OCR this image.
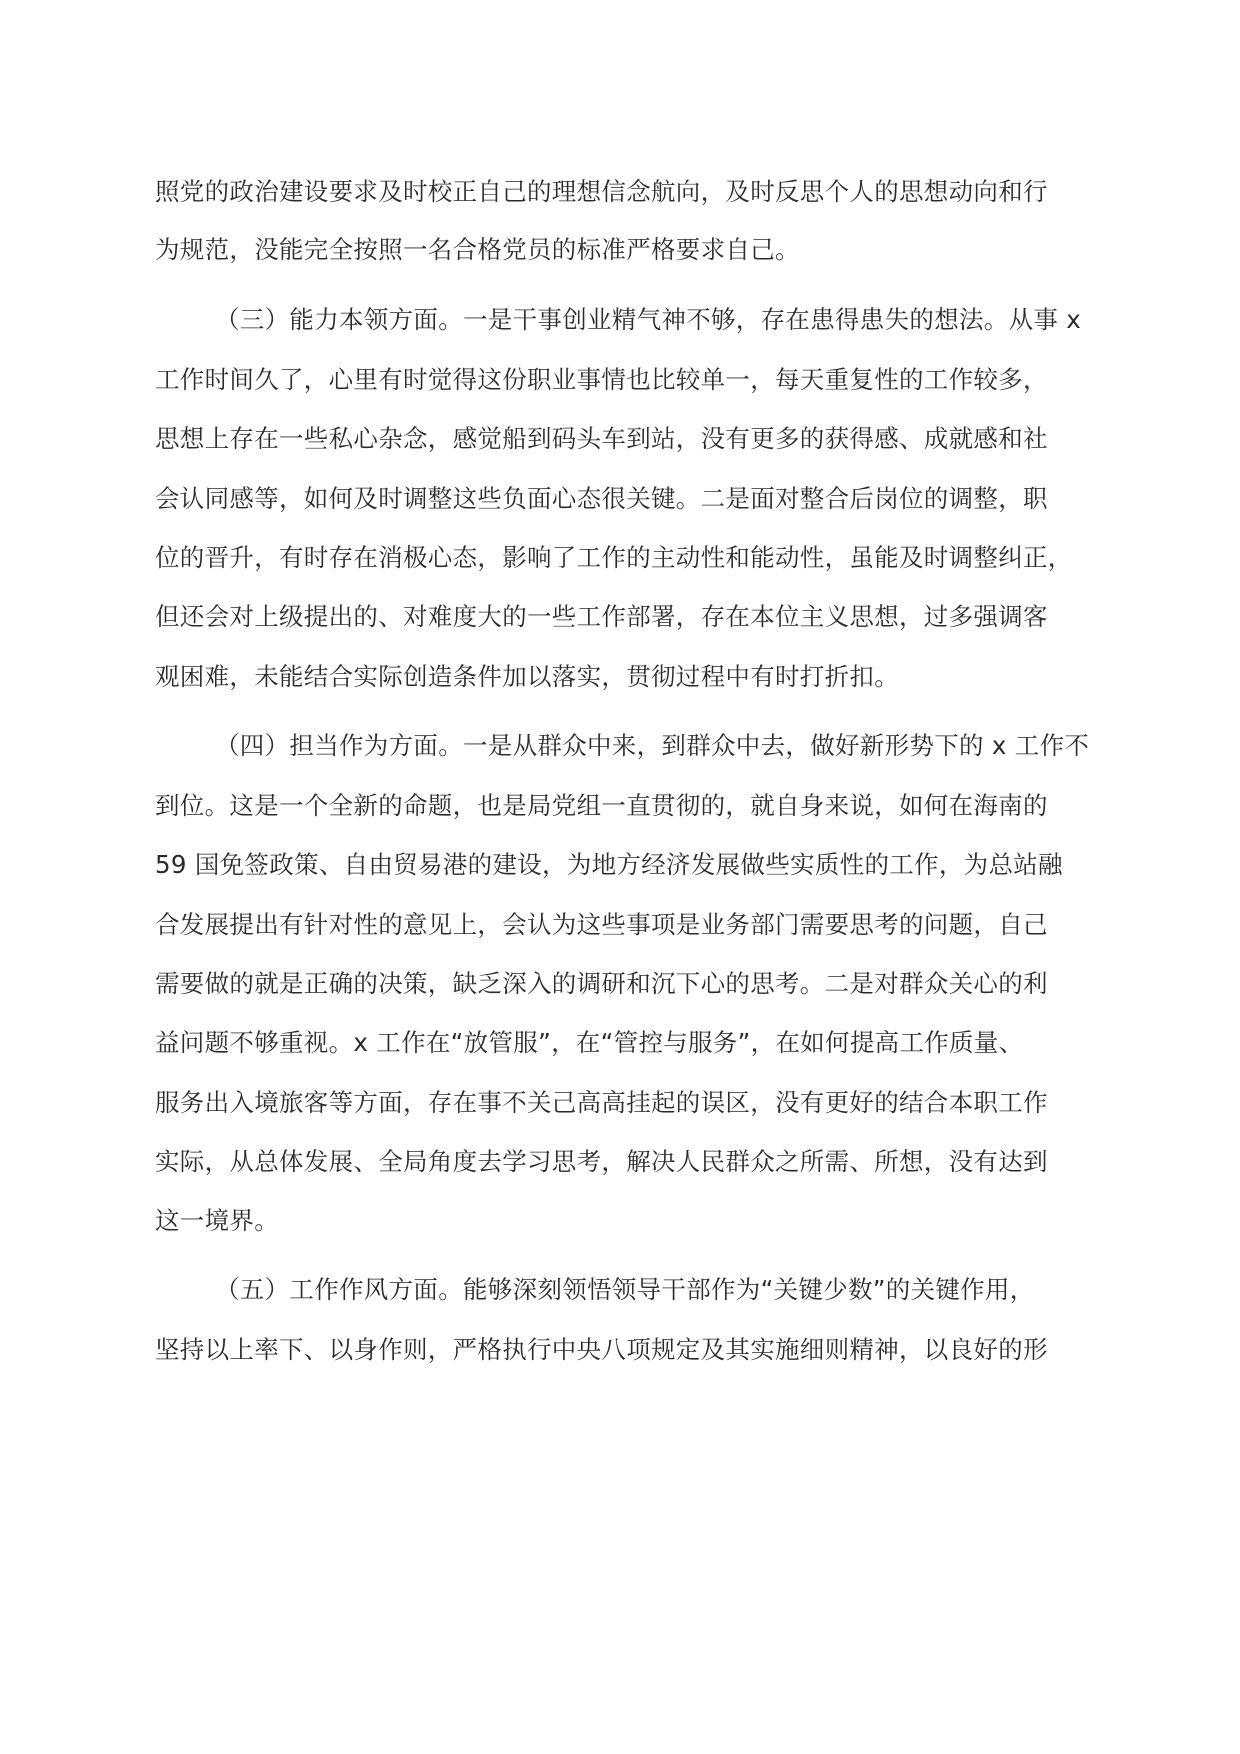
照党的政治建设要求及时校正自己的理想信念航向，及时反思个人的思想动向和行
为规范，没能完全按照一名合格党员的标准严格要求自己。
（三）能力本领方面。一是干事创业精气神不够，存在患得患失的想法。从事 x
工作时间久了，心里有时觉得这份职业事情也比较单一，每天重复性的工作较多，
思想上存在一些私心杂念，感觉船到码头车到站，没有更多的获得感、成就感和社
会认同感等，如何及时调整这些负面心态很关键。二是面对整合后岗位的调整，职
位的晋升，有时存在消极心态，影响了工作的主动性和能动性，虽能及时调整纠正，
但还会对上级提出的、对难度大的一些工作部署，存在本位主义思想，过多强调客
观困难，未能结合实际创造条件加以落实，贯彻过程中有时打折扣。
（四）担当作为方面。一是从群众中来，到群众中去，做好新形势下的 x 工作不
到位。这是一个全新的命题，也是局党组一直贯彻的，就自身来说，如何在海南的
59 国免签政策、自由贸易港的建设，为地方经济发展做些实质性的工作，为总站融
合发展提出有针对性的意见上，会认为这些事项是业务部门需要思考的问题，自己
需要做的就是正确的决策，缺乏深入的调研和沉下心的思考。二是对群众关心的利
益问题不够重视。x 工作在“放管服”，在“管控与服务”，在如何提高工作质量、
服务出入境旅客等方面，存在事不关己高高挂起的误区，没有更好的结合本职工作
实际，从总体发展、全局角度去学习思考，解决人民群众之所需、所想，没有达到
这一境界。
（五）工作作风方面。能够深刻领悟领导干部作为“关键少数”的关键作用，
坚持以上率下、以身作则，严格执行中央八项规定及其实施细则精神，以良好的形
